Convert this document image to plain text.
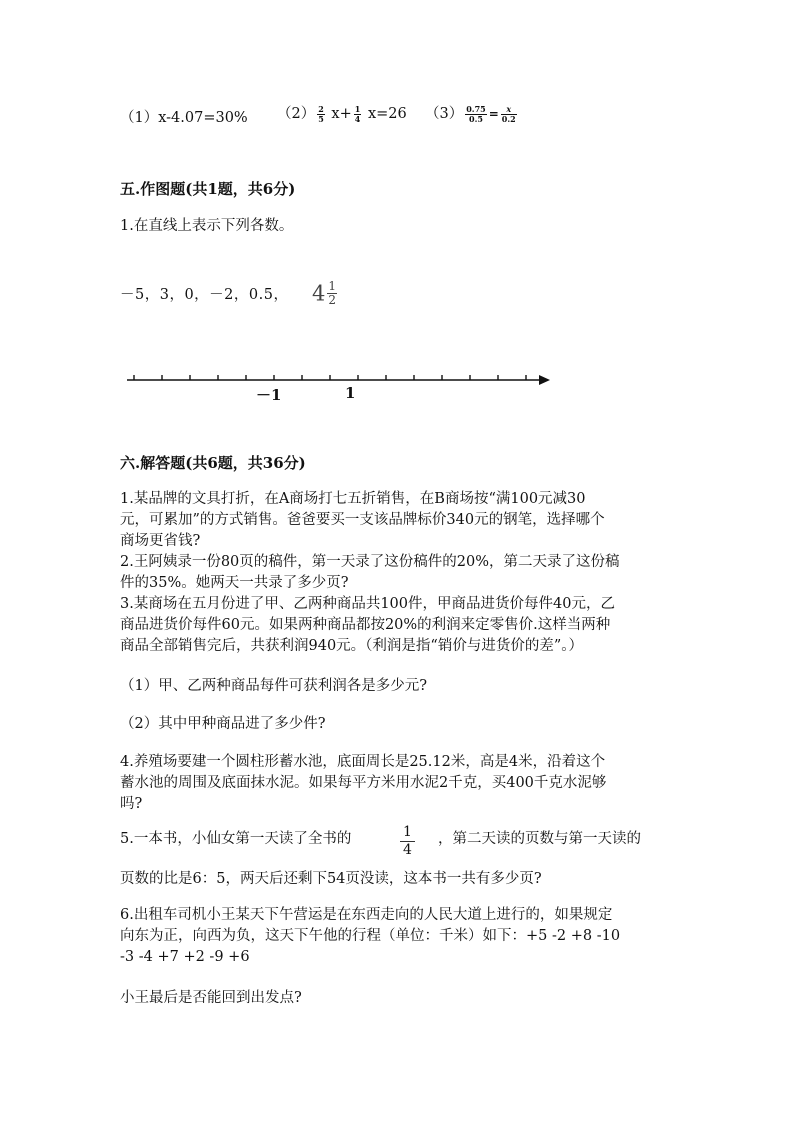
（1）x-4.07=30% $(2) \frac{2}{5} x+ \frac{1}{4} x=26$ $(3) \frac{0.75}{0.5} = \frac{x}{0.2}$
五.作图题(共1题，共6分)
1.在直线上表示下列各数。
－5，3，0，－2，0.5， $4 \frac{1}{2}$
－1	1
六.解答题(共6题，共36分)
1.某品牌的文具打折，在A商场打七五折销售，在B商场按“满100元减30
元，可累加”的方式销售。爸爸要买一支该品牌标价340元的钢笔，选择哪个
商场更省钱?
2.王阿姨录一份80页的稿件，第一天录了这份稿件的20%，第二天录了这份稿
件的35%。她两天一共录了多少页?
3.某商场在五月份进了甲、乙两种商品共100件，甲商品进货价每件40元，乙
商品进货价每件60元。如果两种商品都按20%的利润来定零售价.这样当两种
商品全部销售完后，共获利润940元。（利润是指“销价与进货价的差”。）
（1）甲、乙两种商品每件可获利润各是多少元?
（2）其中甲种商品进了多少件?
4.养殖场要建一个圆柱形蓄水池，底面周长是25.12米，高是4米，沿着这个
蓄水池的周围及底面抹水泥。如果每平方米用水泥2千克，买400千克水泥够
吗?
5.一本书，小仙女第一天读了全书的	$\frac{1}{4}$ ，第二天读的页数与第一天读的
页数的比是6：5，两天后还剩下54页没读，这本书一共有多少页?
6.出租车司机小王某天下午营运是在东西走向的人民大道上进行的，如果规定
向东为正，向西为负，这天下午他的行程（单位：千米）如下：+5 -2 +8 -10
-3 -4 +7 +2 -9 +6
小王最后是否能回到出发点?
